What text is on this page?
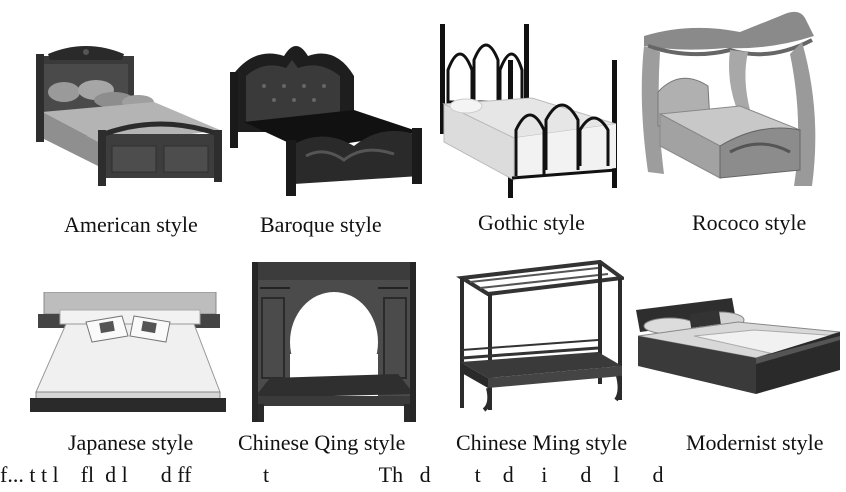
American style	Baroque style	Gothic style	Rococo style
Japanese style Chinese Qing style Chinese Ming style	Modernist style
f... t t l    fl  d l      d ff             t                    Th   d        t    d     i      d    l      d
